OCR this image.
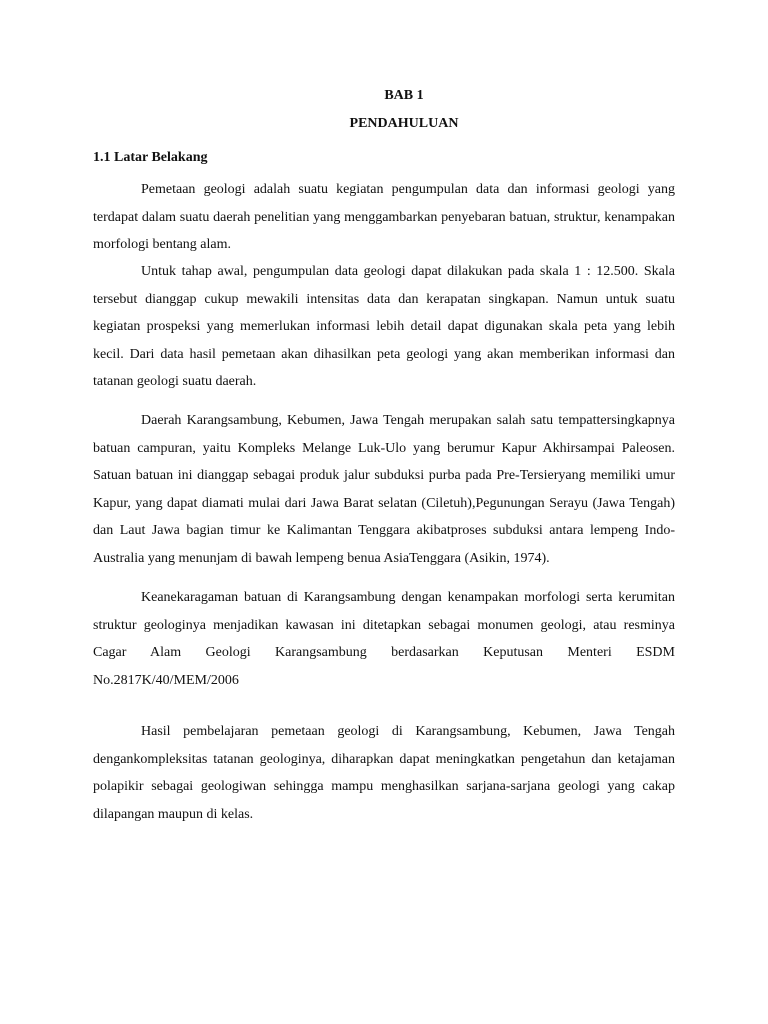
BAB 1
PENDAHULUAN
1.1 Latar Belakang

Pemetaan geologi adalah suatu kegiatan pengumpulan data dan informasi geologi yang terdapat dalam suatu daerah penelitian yang menggambarkan penyebaran batuan, struktur, kenampakan morfologi bentang alam.

Untuk tahap awal, pengumpulan data geologi dapat dilakukan pada skala 1 : 12.500. Skala tersebut dianggap cukup mewakili intensitas data dan kerapatan singkapan. Namun untuk suatu kegiatan prospeksi yang memerlukan informasi lebih detail dapat digunakan skala peta yang lebih kecil. Dari data hasil pemetaan akan dihasilkan peta geologi yang akan memberikan informasi dan tatanan geologi suatu daerah.

Daerah Karangsambung, Kebumen, Jawa Tengah merupakan salah satu tempattersingkapnya batuan campuran, yaitu Kompleks Melange Luk-Ulo yang berumur Kapur Akhirsampai Paleosen. Satuan batuan ini dianggap sebagai produk jalur subduksi purba pada Pre-Tersieryang memiliki umur Kapur, yang dapat diamati mulai dari Jawa Barat selatan (Ciletuh),Pegunungan Serayu (Jawa Tengah) dan Laut Jawa bagian timur ke Kalimantan Tenggara akibatproses subduksi antara lempeng Indo-Australia yang menunjam di bawah lempeng benua AsiaTenggara (Asikin, 1974).

Keanekaragaman batuan di Karangsambung dengan kenampakan morfologi serta kerumitan struktur geologinya menjadikan kawasan ini ditetapkan sebagai monumen geologi, atau resminya Cagar Alam Geologi Karangsambung berdasarkan Keputusan Menteri ESDM No.2817K/40/MEM/2006

Hasil pembelajaran pemetaan geologi di Karangsambung, Kebumen, Jawa Tengah dengankompleksitas tatanan geologinya, diharapkan dapat meningkatkan pengetahun dan ketajaman polapikir sebagai geologiwan sehingga mampu menghasilkan sarjana-sarjana geologi yang cakap dilapangan maupun di kelas.
